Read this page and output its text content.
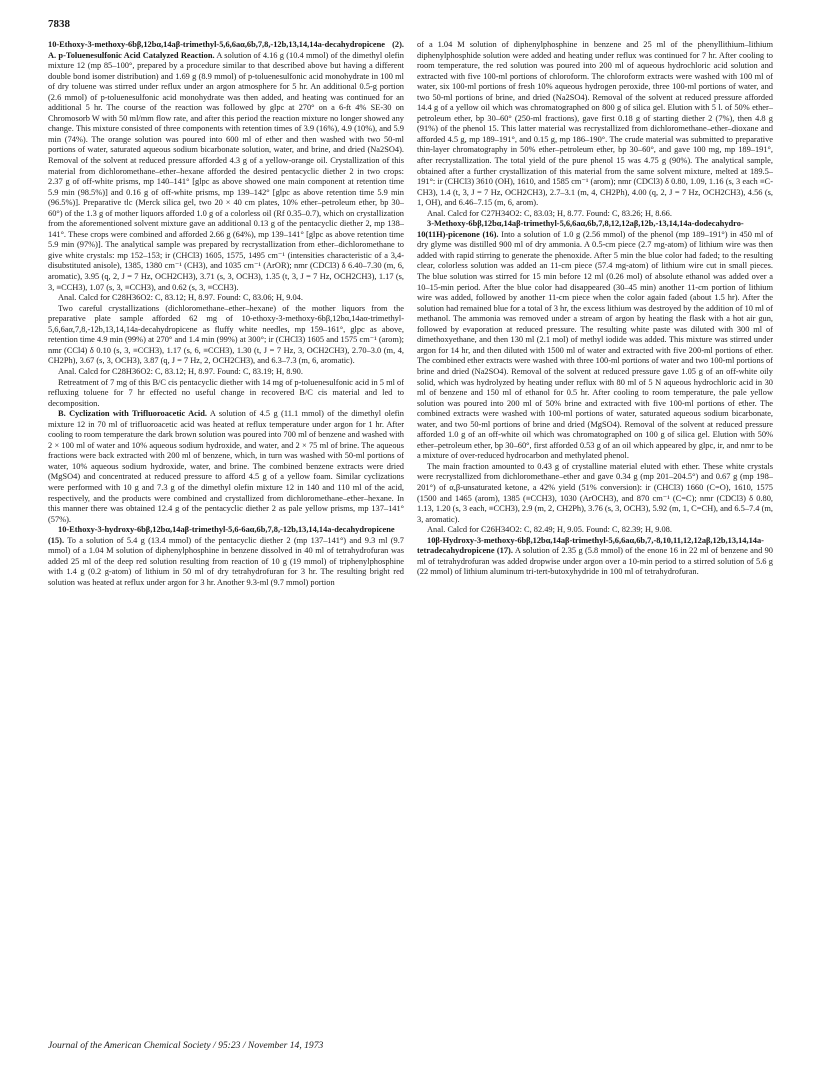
7838

10-Ethoxy-3-methoxy-6bβ,12bα,14aβ-trimethyl-5,6,6aα,6b,7,8,-12b,13,14,14a-decahydropicene (2). A. p-Toluenesulfonic Acid Catalyzed Reaction. A solution of 4.16 g (10.4 mmol) of the dimethyl olefin mixture 12 (mp 85–100°, prepared by a procedure similar to that described above but having a different double bond isomer distribution) and 1.69 g (8.9 mmol) of p-toluenesulfonic acid monohydrate in 100 ml of dry toluene was stirred under reflux under an argon atmosphere for 5 hr. An additional 0.5-g portion (2.6 mmol) of p-toluenesulfonic acid monohydrate was then added, and heating was continued for an additional 5 hr. The course of the reaction was followed by glpc at 270° on a 6-ft 4% SE-30 on Chromosorb W with 50 ml/mm flow rate, and after this period the reaction mixture no longer showed any change. This mixture consisted of three components with retention times of 3.9 (16%), 4.9 (10%), and 5.9 min (74%). The orange solution was poured into 600 ml of ether and then washed with two 50-ml portions of water, saturated aqueous sodium bicarbonate solution, water, and brine, and dried (Na2SO4). Removal of the solvent at reduced pressure afforded 4.3 g of a yellow-orange oil. Crystallization of this material from dichloromethane–ether–hexane afforded the desired pentacyclic diether 2 in two crops: 2.37 g of off-white prisms, mp 140–141° [glpc as above showed one main component at retention time 5.9 min (98.5%)] and 0.16 g of off-white prisms, mp 139–142° [glpc as above retention time 5.9 min (96.5%)]. Preparative tlc (Merck silica gel, two 20 × 40 cm plates, 10% ether–petroleum ether, bp 30–60°) of the 1.3 g of mother liquors afforded 1.0 g of a colorless oil (Rf 0.35–0.7), which on crystallization from the aforementioned solvent mixture gave an additional 0.13 g of the pentacyclic diether 2, mp 138–141°. These crops were combined and afforded 2.66 g (64%), mp 139–141° [glpc as above retention time 5.9 min (97%)]. The analytical sample was prepared by recrystallization from ether–dichloromethane to give white crystals: mp 152–153; ir (CHCl3) 1605, 1575, 1495 cm⁻¹ (intensities characteristic of a 3,4-disubstituted anisole), 1385, 1380 cm⁻¹ (CH3), and 1035 cm⁻¹ (ArOR); nmr (CDCl3) δ 6.40–7.30 (m, 6, aromatic), 3.95 (q, 2, J = 7 Hz, OCH2CH3), 3.71 (s, 3, OCH3), 1.35 (t, 3, J = 7 Hz, OCH2CH3), 1.17 (s, 3, ≡CCH3), 1.07 (s, 3, ≡CCH3), and 0.62 (s, 3, ≡CCH3).

Anal. Calcd for C28H36O2: C, 83.12; H, 8.97. Found: C, 83.06; H, 9.04.

Two careful crystallizations (dichloromethane–ether–hexane) of the mother liquors from the preparative plate sample afforded 62 mg of 10-ethoxy-3-methoxy-6bβ,12bα,14aα-trimethyl-5,6,6aα,7,8,-12b,13,14,14a-decahydropicene as fluffy white needles, mp 159–161°, glpc as above, retention time 4.9 min (99%) at 270° and 1.4 min (99%) at 300°; ir (CHCl3) 1605 and 1575 cm⁻¹ (arom); nmr (CCl4) δ 0.10 (s, 3, ≡CCH3), 1.17 (s, 6, ≡CCH3), 1.30 (t, J = 7 Hz, 3, OCH2CH3), 2.70–3.0 (m, 4, CH2Ph), 3.67 (s, 3, OCH3), 3.87 (q, J = 7 Hz, 2, OCH2CH3), and 6.3–7.3 (m, 6, aromatic).

Anal. Calcd for C28H36O2: C, 83.12; H, 8.97. Found: C, 83.19; H, 8.90.

Retreatment of 7 mg of this B/C cis pentacyclic diether with 14 mg of p-toluenesulfonic acid in 5 ml of refluxing toluene for 7 hr effected no useful change in recovered B/C cis material and led to decomposition.

B. Cyclization with Trifluoroacetic Acid. A solution of 4.5 g (11.1 mmol) of the dimethyl olefin mixture 12 in 70 ml of trifluoroacetic acid was heated at reflux temperature under argon for 1 hr. After cooling to room temperature the dark brown solution was poured into 700 ml of benzene and washed with 2 × 100 ml of water and 10% aqueous sodium hydroxide, and water, and 2 × 75 ml of brine. The aqueous fractions were back extracted with 200 ml of benzene, which, in turn was washed with 50-ml portions of water, 10% aqueous sodium hydroxide, water, and brine. The combined benzene extracts were dried (MgSO4) and concentrated at reduced pressure to afford 4.5 g of a yellow foam. Similar cyclizations were performed with 10 g and 7.3 g of the dimethyl olefin mixture 12 in 140 and 110 ml of the acid, respectively, and the products were combined and crystallized from dichloromethane–ether–hexane. In this manner there was obtained 12.4 g of the pentacyclic diether 2 as pale yellow prisms, mp 137–141° (57%).

10-Ethoxy-3-hydroxy-6bβ,12bα,14aβ-trimethyl-5,6-6aα,6b,7,8,-12b,13,14,14a-decahydropicene (15). To a solution of 5.4 g (13.4 mmol) of the pentacyclic diether 2 (mp 137–141°) and 9.3 ml (9.7 mmol) of a 1.04 M solution of diphenylphosphine in benzene dissolved in 40 ml of tetrahydrofuran was added 25 ml of the deep red solution resulting from reaction of 10 g (19 mmol) of triphenylphosphine with 1.4 g (0.2 g-atom) of lithium in 50 ml of dry tetrahydrofuran for 3 hr. The resulting bright red solution was heated at reflux under argon for 3 hr. Another 9.3-ml (9.7 mmol) portion

of a 1.04 M solution of diphenylphosphine in benzene and 25 ml of the phenyllithium–lithium diphenylphosphide solution were added and heating under reflux was continued for 7 hr. After cooling to room temperature, the red solution was poured into 200 ml of aqueous hydrochloric acid solution and extracted with five 100-ml portions of chloroform. The chloroform extracts were washed with 100 ml of water, six 100-ml portions of fresh 10% aqueous hydrogen peroxide, three 100-ml portions of water, and two 50-ml portions of brine, and dried (Na2SO4). Removal of the solvent at reduced pressure afforded 14.4 g of a yellow oil which was chromatographed on 800 g of silica gel. Elution with 5 l. of 50% ether–petroleum ether, bp 30–60° (250-ml fractions), gave first 0.18 g of starting diether 2 (7%), then 4.8 g (91%) of the phenol 15. This latter material was recrystallized from dichloromethane–ether–dioxane and afforded 4.5 g, mp 189–191°, and 0.15 g, mp 186–190°. The crude material was submitted to preparative thin-layer chromatography in 50% ether–petroleum ether, bp 30–60°, and gave 100 mg, mp 189–191°, after recrystallization. The total yield of the pure phenol 15 was 4.75 g (90%). The analytical sample, obtained after a further crystallization of this material from the same solvent mixture, melted at 189.5–191°: ir (CHCl3) 3610 (OH), 1610, and 1585 cm⁻¹ (arom); nmr (CDCl3) δ 0.80, 1.09, 1.16 (s, 3 each ≡C-CH3), 1.4 (t, 3, J = 7 Hz, OCH2CH3), 2.7–3.1 (m, 4, CH2Ph), 4.00 (q, 2, J = 7 Hz, OCH2CH3), 4.56 (s, 1, OH), and 6.46–7.15 (m, 6, arom).

Anal. Calcd for C27H34O2: C, 83.03; H, 8.77. Found: C, 83.26; H, 8.66.

3-Methoxy-6bβ,12bα,14aβ-trimethyl-5,6,6aα,6b,7,8,12,12aβ,12b,-13,14,14a-dodecahydro-10(11H)-picenone (16). Into a solution of 1.0 g (2.56 mmol) of the phenol (mp 189–191°) in 450 ml of dry glyme was distilled 900 ml of dry ammonia. A 0.5-cm piece (2.7 mg-atom) of lithium wire was then added with rapid stirring to generate the phenoxide. After 5 min the blue color had faded; to the resulting clear, colorless solution was added an 11-cm piece (57.4 mg-atom) of lithium wire cut in small pieces. The blue solution was stirred for 15 min before 12 ml (0.26 mol) of absolute ethanol was added over a 10–15-min period. After the blue color had disappeared (30–45 min) another 11-cm portion of lithium wire was added, followed by another 11-cm piece when the color again faded (about 1.5 hr). After the solution had remained blue for a total of 3 hr, the excess lithium was destroyed by the addition of 10 ml of methanol. The ammonia was removed under a stream of argon by heating the flask with a hot air gun, followed by evaporation at reduced pressure. The resulting white paste was diluted with 300 ml of dimethoxyethane, and then 130 ml (2.1 mol) of methyl iodide was added. This mixture was stirred under argon for 14 hr, and then diluted with 1500 ml of water and extracted with five 200-ml portions of ether. The combined ether extracts were washed with three 100-ml portions of water and two 100-ml portions of brine and dried (Na2SO4). Removal of the solvent at reduced pressure gave 1.05 g of an off-white oily solid, which was hydrolyzed by heating under reflux with 80 ml of 5 N aqueous hydrochloric acid in 30 ml of benzene and 150 ml of ethanol for 0.5 hr. After cooling to room temperature, the pale yellow solution was poured into 200 ml of 50% brine and extracted with five 100-ml portions of ether. The combined extracts were washed with 100-ml portions of water, saturated aqueous sodium bicarbonate, water, and two 50-ml portions of brine and dried (MgSO4). Removal of the solvent at reduced pressure afforded 1.0 g of an off-white oil which was chromatographed on 100 g of silica gel. Elution with 50% ether–petroleum ether, bp 30–60°, first afforded 0.53 g of an oil which appeared by glpc, ir, and nmr to be a mixture of over-reduced hydrocarbon and methylated phenol.

The main fraction amounted to 0.43 g of crystalline material eluted with ether. These white crystals were recrystallized from dichloromethane–ether and gave 0.34 g (mp 201–204.5°) and 0.67 g (mp 198–201°) of α,β-unsaturated ketone, a 42% yield (51% conversion): ir (CHCl3) 1660 (C=O), 1610, 1575 (1500 and 1465 (arom), 1385 (≡CCH3), 1030 (ArOCH3), and 870 cm⁻¹ (C=C); nmr (CDCl3) δ 0.80, 1.13, 1.20 (s, 3 each, ≡CCH3), 2.9 (m, 2, CH2Ph), 3.76 (s, 3, OCH3), 5.92 (m, 1, C=CH), and 6.5–7.4 (m, 3, aromatic).

Anal. Calcd for C26H34O2: C, 82.49; H, 9.05. Found: C, 82.39; H, 9.08.

10β-Hydroxy-3-methoxy-6bβ,12bα,14aβ-trimethyl-5,6,6aα,6b,7,-8,10,11,12,12aβ,12b,13,14,14a-tetradecahydropicene (17). A solution of 2.35 g (5.8 mmol) of the enone 16 in 22 ml of benzene and 90 ml of tetrahydrofuran was added dropwise under argon over a 10-min period to a stirred solution of 5.6 g (22 mmol) of lithium aluminum tri-tert-butoxyhydride in 100 ml of tetrahydrofuran.

Journal of the American Chemical Society / 95:23 / November 14, 1973
